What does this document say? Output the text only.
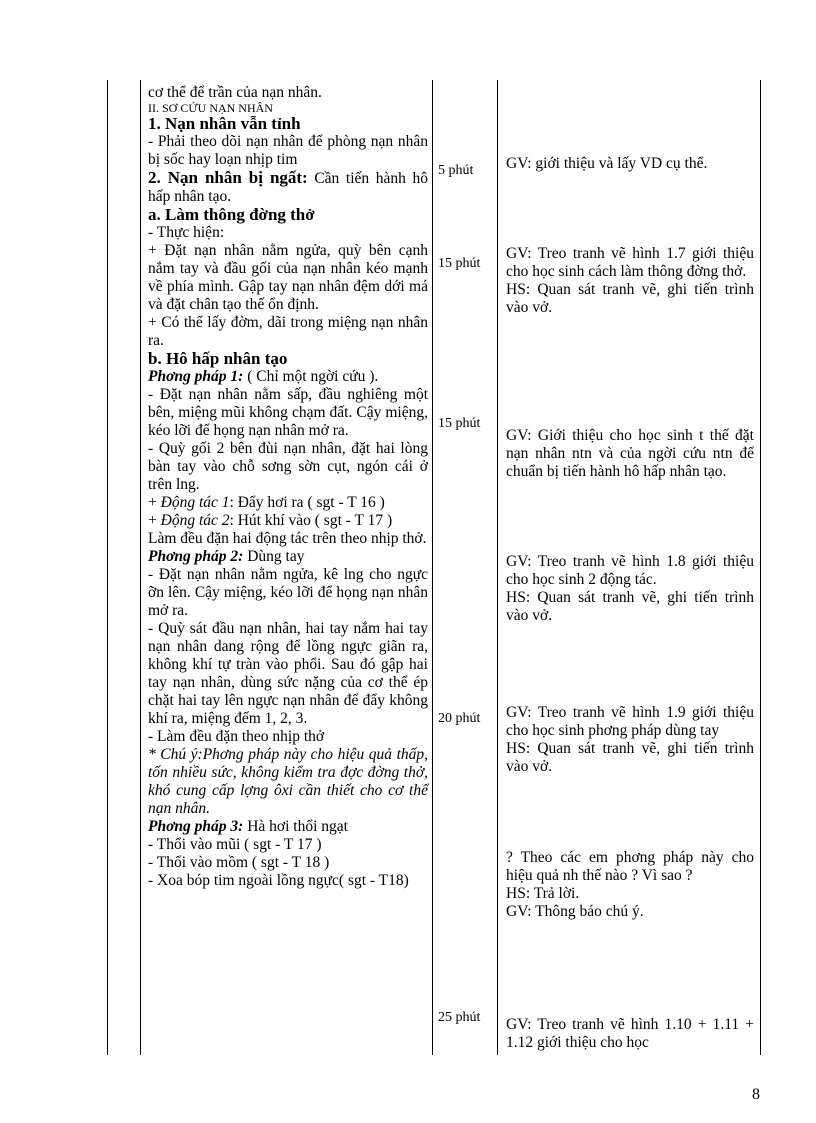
cơ thể để trần của nạn nhân.

II. SƠ CỨU NẠN NHÂN

1. Nạn nhân vẫn tỉnh

- Phải theo dõi nạn nhân để phòng nạn nhân bị sốc hay loạn nhịp tim

2. Nạn nhân bị ngất: Cần tiến hành hô hấp nhân tạo.

a. Làm thông đờng thở

- Thực hiện:

+ Đặt nạn nhân nằm ngửa, quỳ bên cạnh nắm tay và đầu gối của nạn nhân kéo mạnh về phía mình. Gập tay nạn nhân đệm dới má và đặt chân tạo thế ổn định.

+ Có thể lấy đờm, dãi trong miệng nạn nhân ra.

b. Hô hấp nhân tạo

Phơng pháp 1: ( Chỉ một ngời cứu ).

- Đặt nạn nhân nằm sấp, đầu nghiêng một bên, miệng mũi không chạm đất. Cậy miệng, kéo lỡi để họng nạn nhân mở ra.

- Quỳ gối 2 bên đùi nạn nhân, đặt hai lòng bàn tay vào chỗ sơng sờn cụt, ngón cái ở trên lng.

+ Động tác 1: Đẩy hơi ra ( sgt - T 16 )

+ Động tác 2: Hút khí vào ( sgt - T 17 )

Làm đều đặn hai động tác trên theo nhịp thở.

Phơng pháp 2: Dùng tay

- Đặt nạn nhân nằm ngửa, kê lng cho ngực ỡn lên. Cậy miệng, kéo lỡi để họng nạn nhân mở ra.

- Quỳ sát đầu nạn nhân, hai tay nắm hai tay nạn nhân dang rộng để lồng ngực giãn ra, không khí tự tràn vào phổi. Sau đó gập hai tay nạn nhân, dùng sức nặng của cơ thể ép chặt hai tay lên ngực nạn nhân để đẩy không khí ra, miệng đếm 1, 2, 3.

- Làm đều đặn theo nhịp thở

* Chú ý:Phơng pháp này cho hiệu quả thấp, tốn nhiều sức, không kiểm tra đợc đờng thở, khó cung cấp lợng ôxi cần thiết cho cơ thể nạn nhân.

Phơng pháp 3: Hà hơi thổi ngạt

- Thổi vào mũi ( sgt - T 17 )

- Thổi vào mồm ( sgt - T 18 )

- Xoa bóp tim ngoài lồng ngực( sgt - T18)

5 phút
15 phút
15 phút
20 phút
25 phút

GV: giới thiệu và lấy VD cụ thể.

GV: Treo tranh vẽ hình 1.7 giới thiệu cho học sinh cách làm thông đờng thở.
HS: Quan sát tranh vẽ, ghi tiến trình vào vở.

GV: Giới thiệu cho học sinh t thế đặt nạn nhân ntn và của ngời cứu ntn để chuẩn bị tiến hành hô hấp nhân tạo.

GV: Treo tranh vẽ hình 1.8 giới thiệu cho học sinh 2 động tác.
HS: Quan sát tranh vẽ, ghi tiến trình vào vở.

GV: Treo tranh vẽ hình 1.9 giới thiệu cho học sinh phơng pháp dùng tay
HS: Quan sát tranh vẽ, ghi tiến trình vào vở.

? Theo các em phơng pháp này cho hiệu quả nh thế nào ? Vì sao ?
HS: Trả lời.
GV: Thông báo chú ý.

GV: Treo tranh vẽ hình 1.10 + 1.11 + 1.12 giới thiệu cho học

8
